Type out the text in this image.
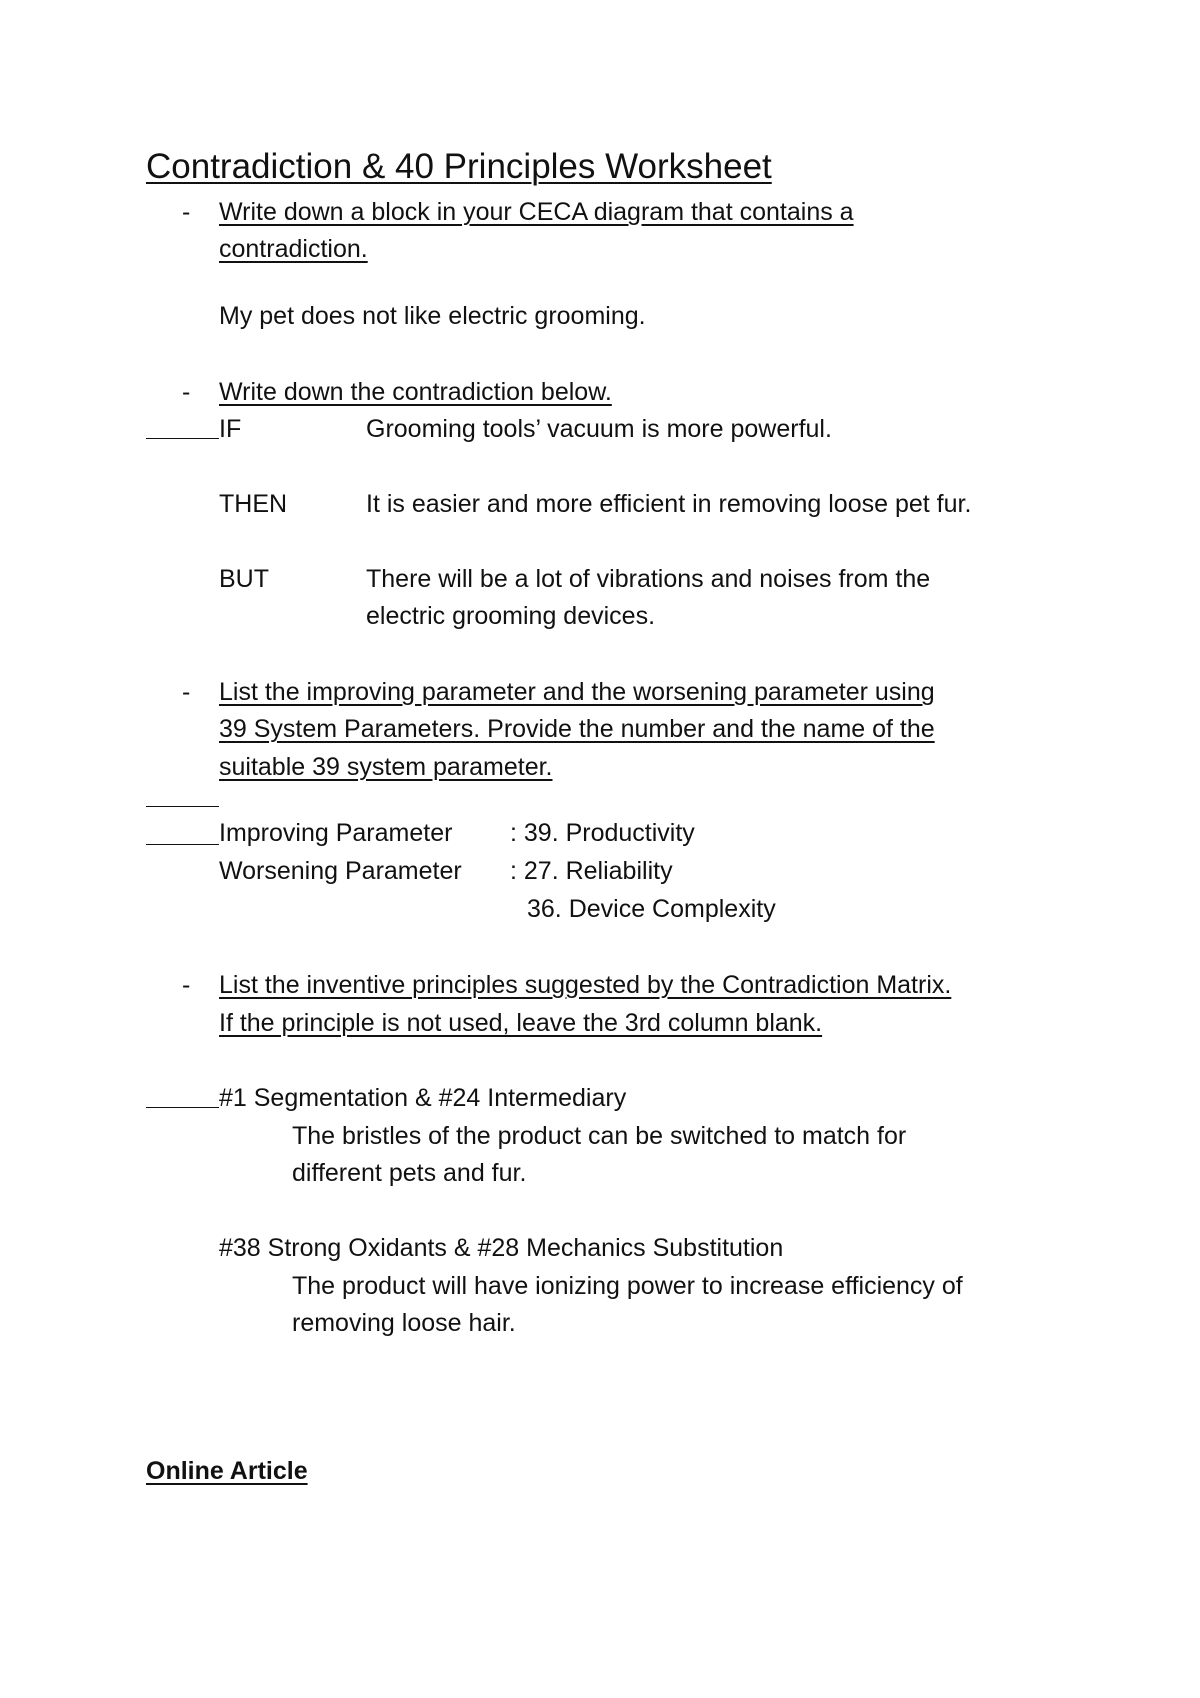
Contradiction & 40 Principles Worksheet
- Write down a block in your CECA diagram that contains a
contradiction.
My pet does not like electric grooming.
- Write down the contradiction below.
IF	Grooming tools’ vacuum is more powerful.
THEN	It is easier and more efficient in removing loose pet fur.
BUT	There will be a lot of vibrations and noises from the
electric grooming devices.
- List the improving parameter and the worsening parameter using
39 System Parameters. Provide the number and the name of the
suitable 39 system parameter.
Improving Parameter : 39. Productivity
Worsening Parameter : 27. Reliability
36. Device Complexity
- List the inventive principles suggested by the Contradiction Matrix.
If the principle is not used, leave the 3rd column blank.
#1 Segmentation & #24 Intermediary
The bristles of the product can be switched to match for
different pets and fur.
#38 Strong Oxidants & #28 Mechanics Substitution
The product will have ionizing power to increase efficiency of
removing loose hair.
Online Article
